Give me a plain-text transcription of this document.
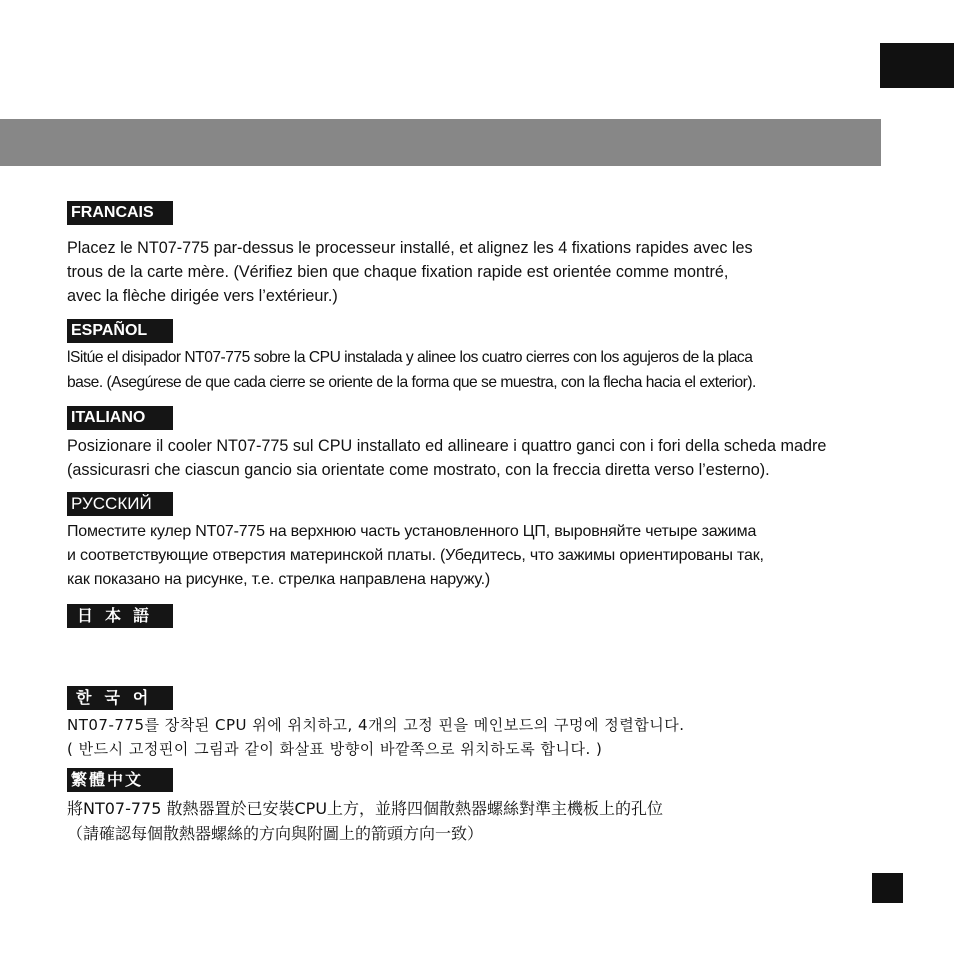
FRANCAIS

Placez le NT07-775 par-dessus le processeur installé, et alignez les 4 fixations rapides avec les
trous de la carte mère. (Vérifiez bien que chaque fixation rapide est orientée comme montré,
avec la flèche dirigée vers l’extérieur.)

ESPAÑOL

lSitúe el disipador NT07-775 sobre la CPU instalada y alinee los cuatro cierres con los agujeros de la placa
base. (Asegúrese de que cada cierre se oriente de la forma que se muestra, con la flecha hacia el exterior).

ITALIANO

Posizionare il cooler NT07-775 sul CPU installato ed allineare i quattro ganci con i fori della scheda madre
(assicurasri che ciascun gancio sia orientate come mostrato, con la freccia diretta verso l’esterno).

РУССКИЙ

Поместите кулер NT07-775 на верхнюю часть установленного ЦП, выровняйте четыре зажима
и соответствующие отверстия материнской платы. (Убедитесь, что зажимы ориентированы так,
как показано на рисунке, т.е. стрелка направлена наружу.)

日本語
한국어

NT07-775를 장착된 CPU 위에 위치하고, 4개의 고정 핀을 메인보드의 구멍에 정렬합니다.
( 반드시 고정핀이 그림과 같이 화살표 방향이 바깥쪽으로 위치하도록 합니다. )

繁體中文

將NT07-775 散熱器置於已安裝CPU上方，並將四個散熱器螺絲對準主機板上的孔位
（請確認每個散熱器螺絲的方向與附圖上的箭頭方向一致）
